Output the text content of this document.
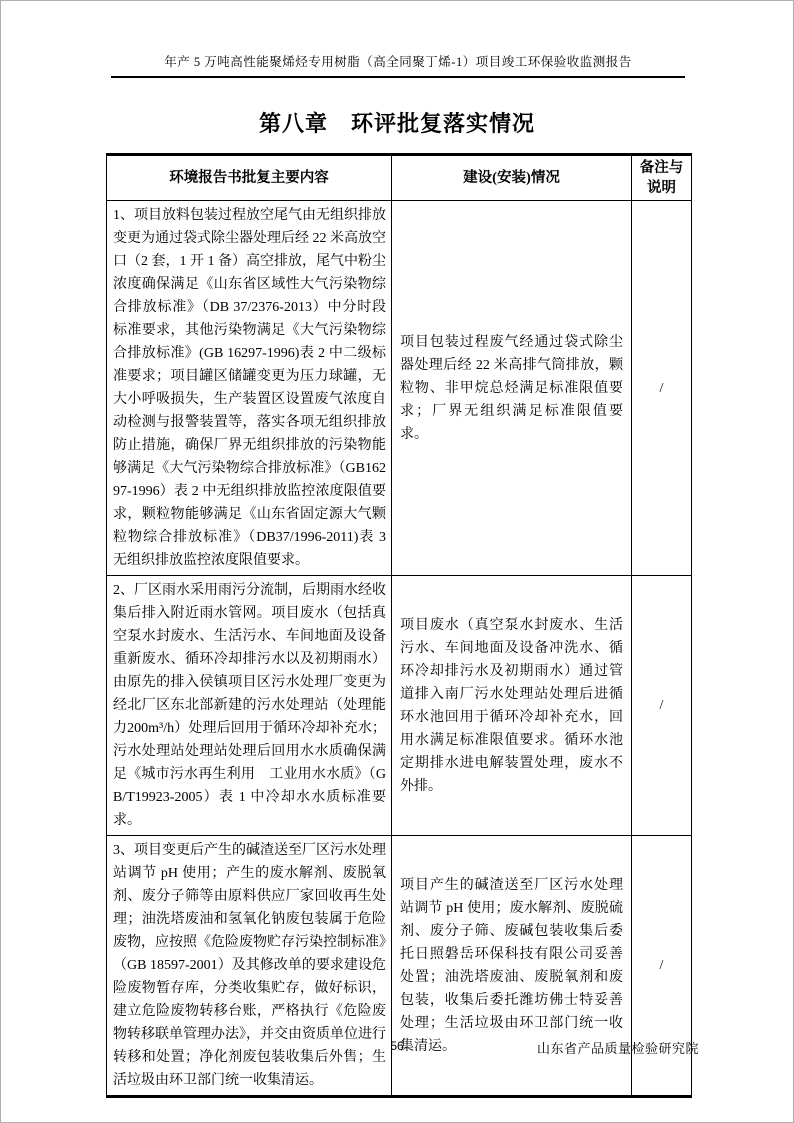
年产 5 万吨高性能聚烯烃专用树脂（高全同聚丁烯-1）项目竣工环保验收监测报告
第八章　环评批复落实情况
环境报告书批复主要内容	建设(安装)情况	备注与说明
1、项目放料包装过程放空尾气由无组织排放变更为通过袋式除尘器处理后经 22 米高放空口（2 套，1 开 1 备）高空排放，尾气中粉尘浓度确保满足《山东省区域性大气污染物综合排放标准》（DB 37/2376-2013）中分时段标准要求，其他污染物满足《大气污染物综合排放标准》(GB 16297-1996)表 2 中二级标准要求；项目罐区储罐变更为压力球罐，无大小呼吸损失，生产装置区设置废气浓度自动检测与报警装置等，落实各项无组织排放防止措施，确保厂界无组织排放的污染物能够满足《大气污染物综合排放标准》（GB16297-1996）表 2 中无组织排放监控浓度限值要求，颗粒物能够满足《山东省固定源大气颗粒物综合排放标准》（DB37/1996-2011)表 3 无组织排放监控浓度限值要求。	项目包装过程废气经通过袋式除尘器处理后经 22 米高排气筒排放，颗粒物、非甲烷总烃满足标准限值要求；厂界无组织满足标准限值要求。	/
2、厂区雨水采用雨污分流制，后期雨水经收集后排入附近雨水管网。项目废水（包括真空泵水封废水、生活污水、车间地面及设备重新废水、循环冷却排污水以及初期雨水）由原先的排入侯镇项目区污水处理厂变更为经北厂区东北部新建的污水处理站（处理能力200m³/h）处理后回用于循环冷却补充水；污水处理站处理站处理后回用水水质确保满足《城市污水再生利用　工业用水水质》（GB/T19923-2005）表 1 中冷却水水质标准要求。	项目废水（真空泵水封废水、生活污水、车间地面及设备冲洗水、循环冷却排污水及初期雨水）通过管道排入南厂污水处理站处理后进循环水池回用于循环冷却补充水，回用水满足标准限值要求。循环水池定期排水进电解装置处理，废水不外排。	/
3、项目变更后产生的碱渣送至厂区污水处理站调节 pH 使用；产生的废水解剂、废脱氧剂、废分子筛等由原料供应厂家回收再生处理；油洗塔废油和氢氧化钠废包装属于危险废物，应按照《危险废物贮存污染控制标准》（GB 18597-2001）及其修改单的要求建设危险废物暂存库，分类收集贮存，做好标识，建立危险废物转移台账，严格执行《危险废物转移联单管理办法》，并交由资质单位进行转移和处置；净化剂废包装收集后外售；生活垃圾由环卫部门统一收集清运。	项目产生的碱渣送至厂区污水处理站调节 pH 使用；废水解剂、废脱硫剂、废分子筛、废碱包装收集后委托日照磐岳环保科技有限公司妥善处置；油洗塔废油、废脱氧剂和废包装，收集后委托潍坊佛士特妥善处理；生活垃圾由环卫部门统一收集清运。	/
56	山东省产品质量检验研究院
